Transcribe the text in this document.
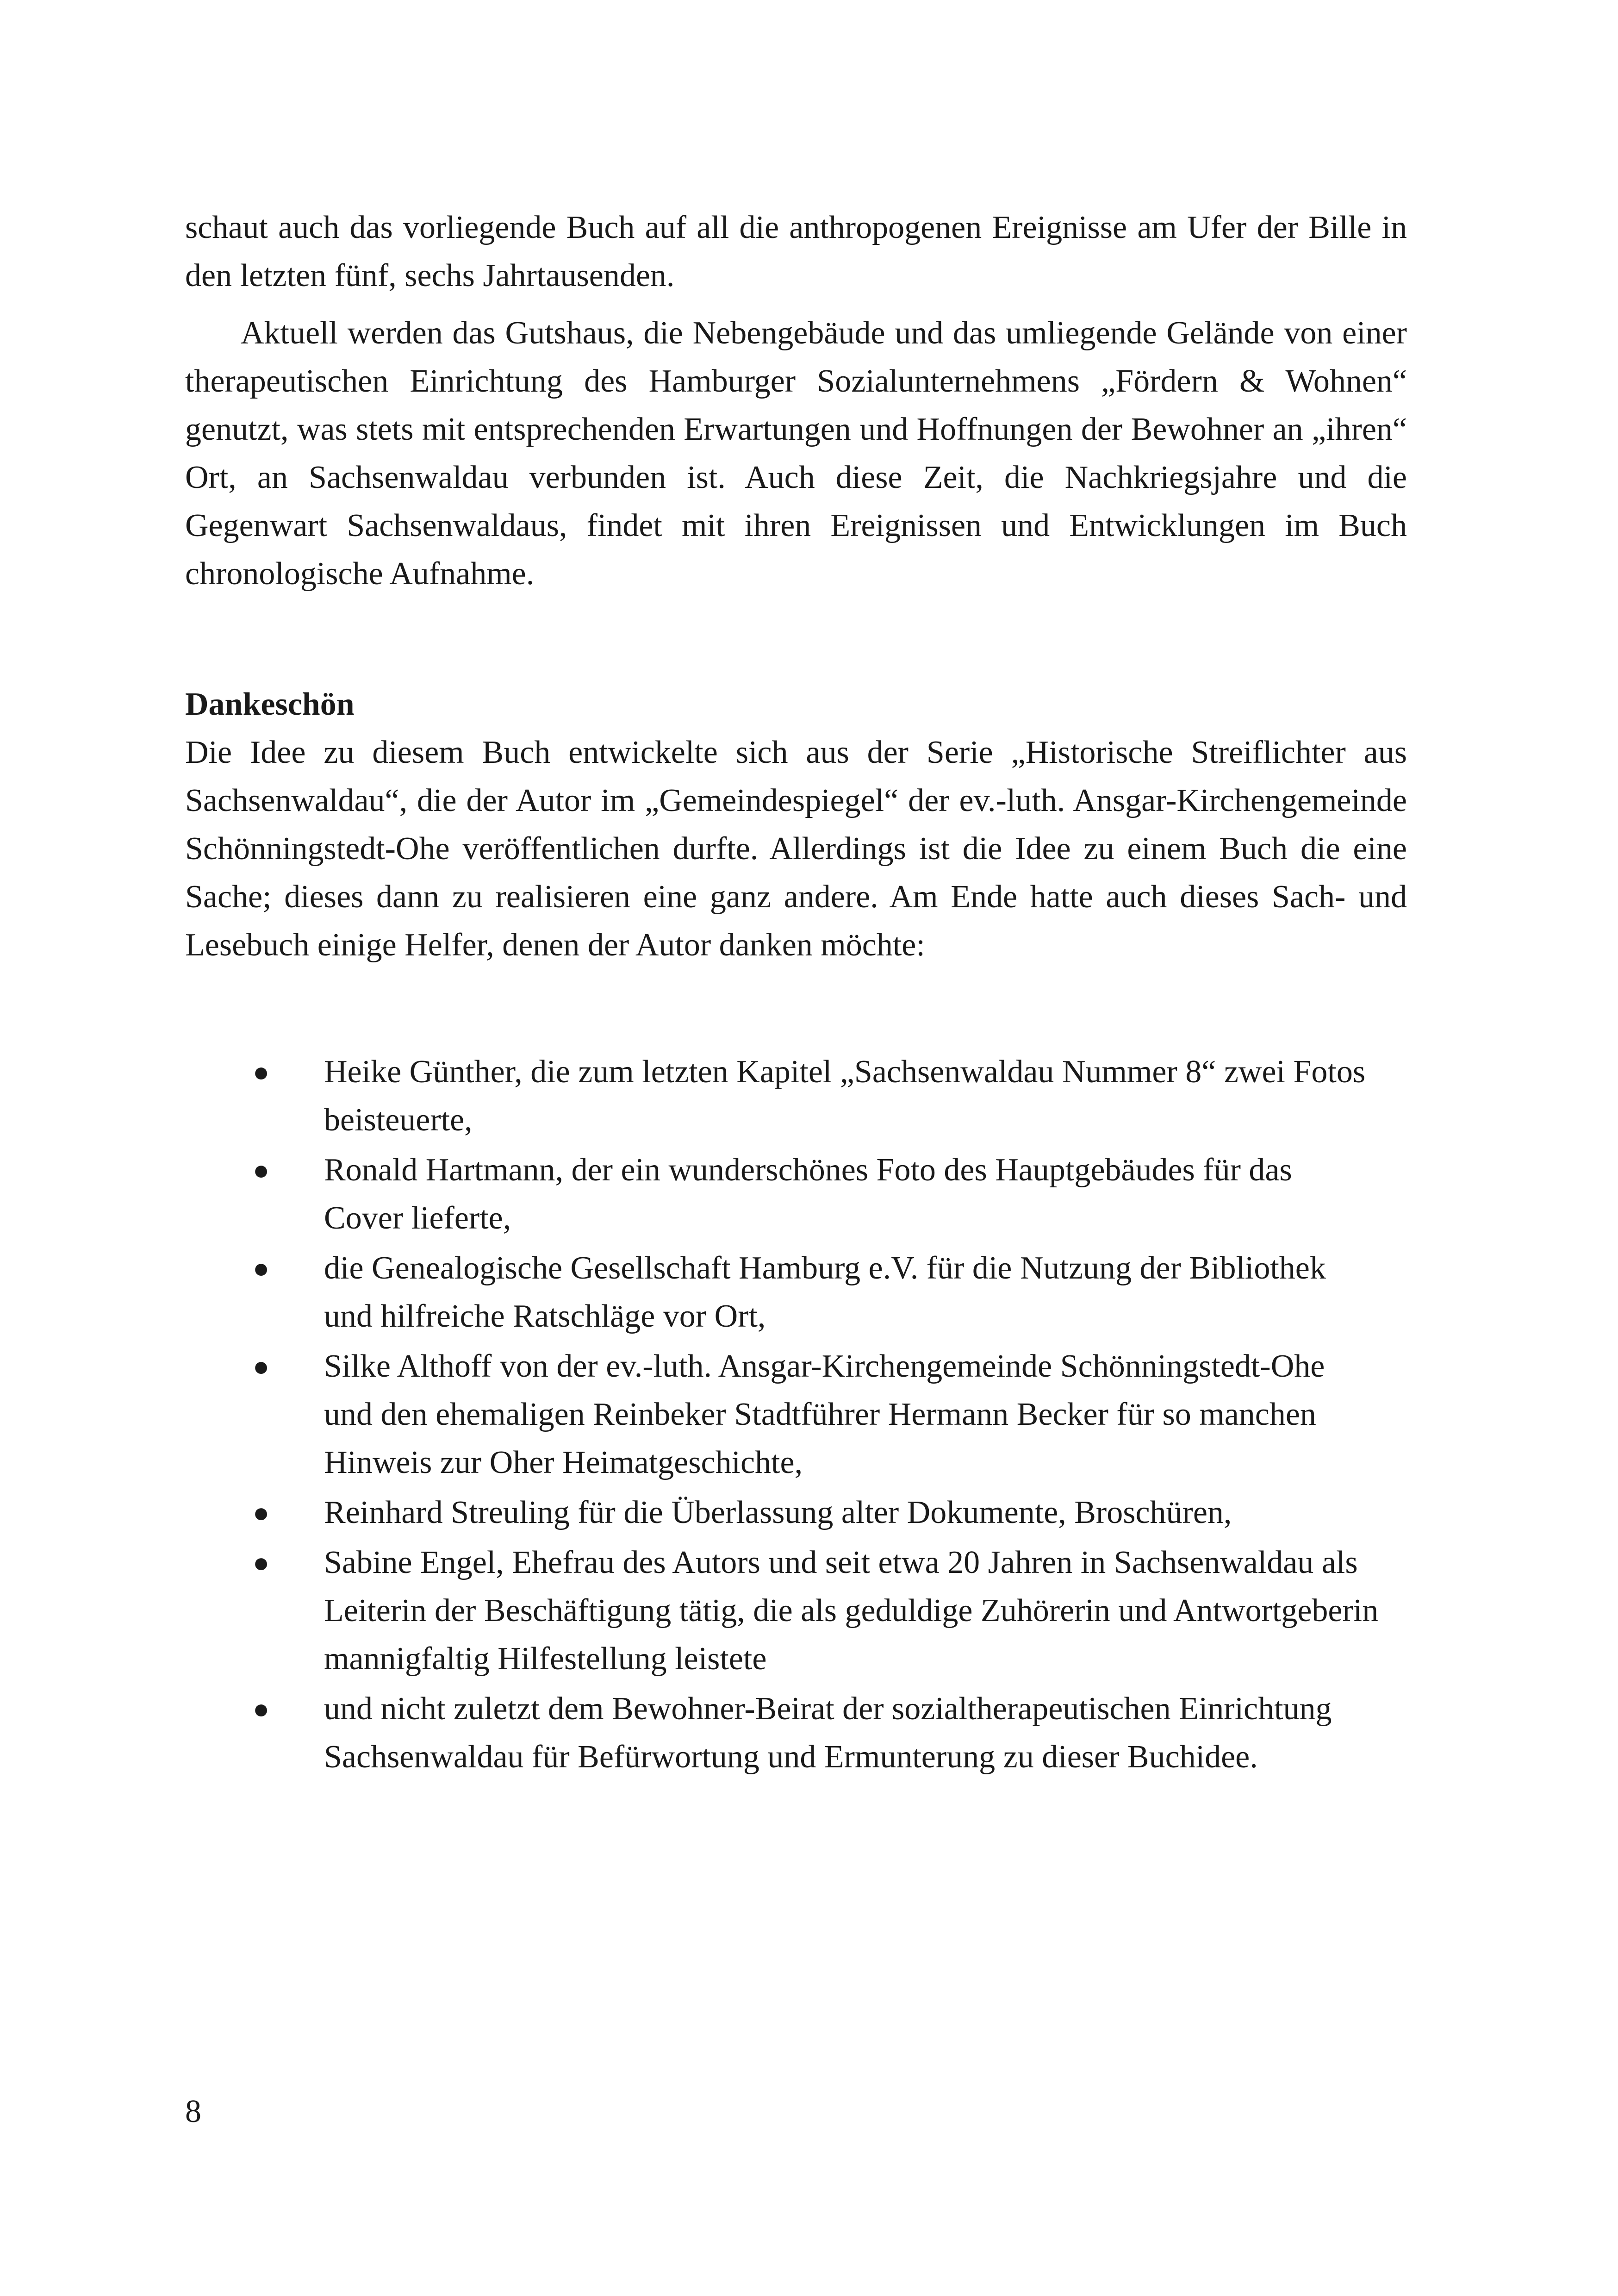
schaut auch das vorliegende Buch auf all die anthropogenen Ereignisse am Ufer der Bille in den letzten fünf, sechs Jahrtausenden.

Aktuell werden das Gutshaus, die Nebengebäude und das umliegende Gelände von einer therapeutischen Einrichtung des Hamburger Sozialunternehmens „Fördern & Wohnen“ genutzt, was stets mit entsprechenden Erwartungen und Hoffnungen der Bewohner an „ihren“ Ort, an Sachsenwaldau verbunden ist. Auch diese Zeit, die Nachkriegsjahre und die Gegenwart Sachsenwaldaus, findet mit ihren Ereignissen und Entwicklungen im Buch chronologische Aufnahme.

Dankeschön

Die Idee zu diesem Buch entwickelte sich aus der Serie „Historische Streiflichter aus Sachsenwaldau“, die der Autor im „Gemeindespiegel“ der ev.-luth. Ansgar-Kirchengemeinde Schönningstedt-Ohe veröffentlichen durfte. Allerdings ist die Idee zu einem Buch die eine Sache; dieses dann zu realisieren eine ganz andere. Am Ende hatte auch dieses Sach- und Lesebuch einige Helfer, denen der Autor danken möchte:

● Heike Günther, die zum letzten Kapitel „Sachsenwaldau Nummer 8“ zwei Fotos beisteuerte,
● Ronald Hartmann, der ein wunderschönes Foto des Hauptgebäudes für das Cover lieferte,
● die Genealogische Gesellschaft Hamburg e.V. für die Nutzung der Bibliothek und hilfreiche Ratschläge vor Ort,
● Silke Althoff von der ev.-luth. Ansgar-Kirchengemeinde Schönningstedt-Ohe und den ehemaligen Reinbeker Stadtführer Hermann Becker für so manchen Hinweis zur Oher Heimatgeschichte,
● Reinhard Streuling für die Überlassung alter Dokumente, Broschüren,
● Sabine Engel, Ehefrau des Autors und seit etwa 20 Jahren in Sachsenwaldau als Leiterin der Beschäftigung tätig, die als geduldige Zuhörerin und Antwortgeberin mannigfaltig Hilfestellung leistete
● und nicht zuletzt dem Bewohner-Beirat der sozialtherapeutischen Einrichtung Sachsenwaldau für Befürwortung und Ermunterung zu dieser Buchidee.
8
